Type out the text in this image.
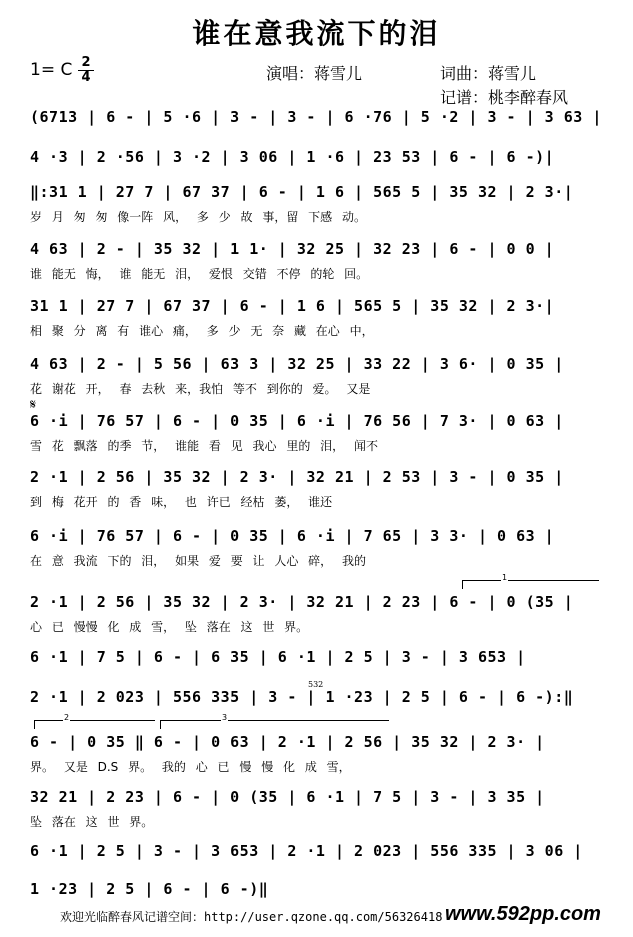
谁在意我流下的泪
1= C 2
4	演唱：蒋雪儿	词曲：蒋雪儿
记谱：桃李醉春风
𝄋
1
2	3
532
(6713 | 6 - | 5 ·6 | 3 - | 3 - | 6 ·76 | 5 ·2 | 3 - | 3 63 |
4 ·3 | 2 ·56 | 3 ·2 | 3 06 | 1 ·6 | 23 53 | 6 - | 6 -)|
‖:31 1 | 27 7 | 67 37 | 6 - | 1 6 | 565 5 | 35 32 | 2 3·|
岁 月 匆 匆 像一阵 风， 多 少 故 事，留 下感 动。
4 63 | 2 - | 35 32 | 1 1· | 32 25 | 32 23 | 6 - | 0 0 |
谁 能无 悔， 谁 能无 泪， 爱恨 交错 不停 的轮 回。
31 1 | 27 7 | 67 37 | 6 - | 1 6 | 565 5 | 35 32 | 2 3·|
相 聚 分 离 有 谁心 痛， 多 少 无 奈 藏 在心 中，
4 63 | 2 - | 5 56 | 63 3 | 32 25 | 33 22 | 3 6· | 0 35 |
花 谢花 开， 春 去秋 来，我怕 等不 到你的 爱。 又是
6 ·i | 76 57 | 6 - | 0 35 | 6 ·i | 76 56 | 7 3· | 0 63 |
雪 花 飘落 的季 节， 谁能 看 见 我心 里的 泪， 闻不
2 ·1 | 2 56 | 35 32 | 2 3· | 32 21 | 2 53 | 3 - | 0 35 |
到 梅 花开 的 香 味， 也 许已 经枯 萎， 谁还
6 ·i | 76 57 | 6 - | 0 35 | 6 ·i | 7 65 | 3 3· | 0 63 |
在 意 我流 下的 泪， 如果 爱 要 让 人心 碎， 我的
2 ·1 | 2 56 | 35 32 | 2 3· | 32 21 | 2 23 | 6 - | 0 (35 |
心 已 慢慢 化 成 雪， 坠 落在 这 世 界。
6 ·1 | 7 5 | 6 - | 6 35 | 6 ·1 | 2 5 | 3 - | 3 653 |
2 ·1 | 2 023 | 556 335 | 3 - | 1 ·23 | 2 5 | 6 - | 6 -):‖
6 - | 0 35 ‖ 6 - | 0 63 | 2 ·1 | 2 56 | 35 32 | 2 3· |
界。 又是 D.S 界。 我的 心 已 慢 慢 化 成 雪，
32 21 | 2 23 | 6 - | 0 (35 | 6 ·1 | 7 5 | 3 - | 3 35 |
坠 落在 这 世 界。
6 ·1 | 2 5 | 3 - | 3 653 | 2 ·1 | 2 023 | 556 335 | 3 06 |
1 ·23 | 2 5 | 6 - | 6 -)‖
欢迎光临醉春风记谱空间：http://user.qzone.qq.com/56326418 www.592pp.com
